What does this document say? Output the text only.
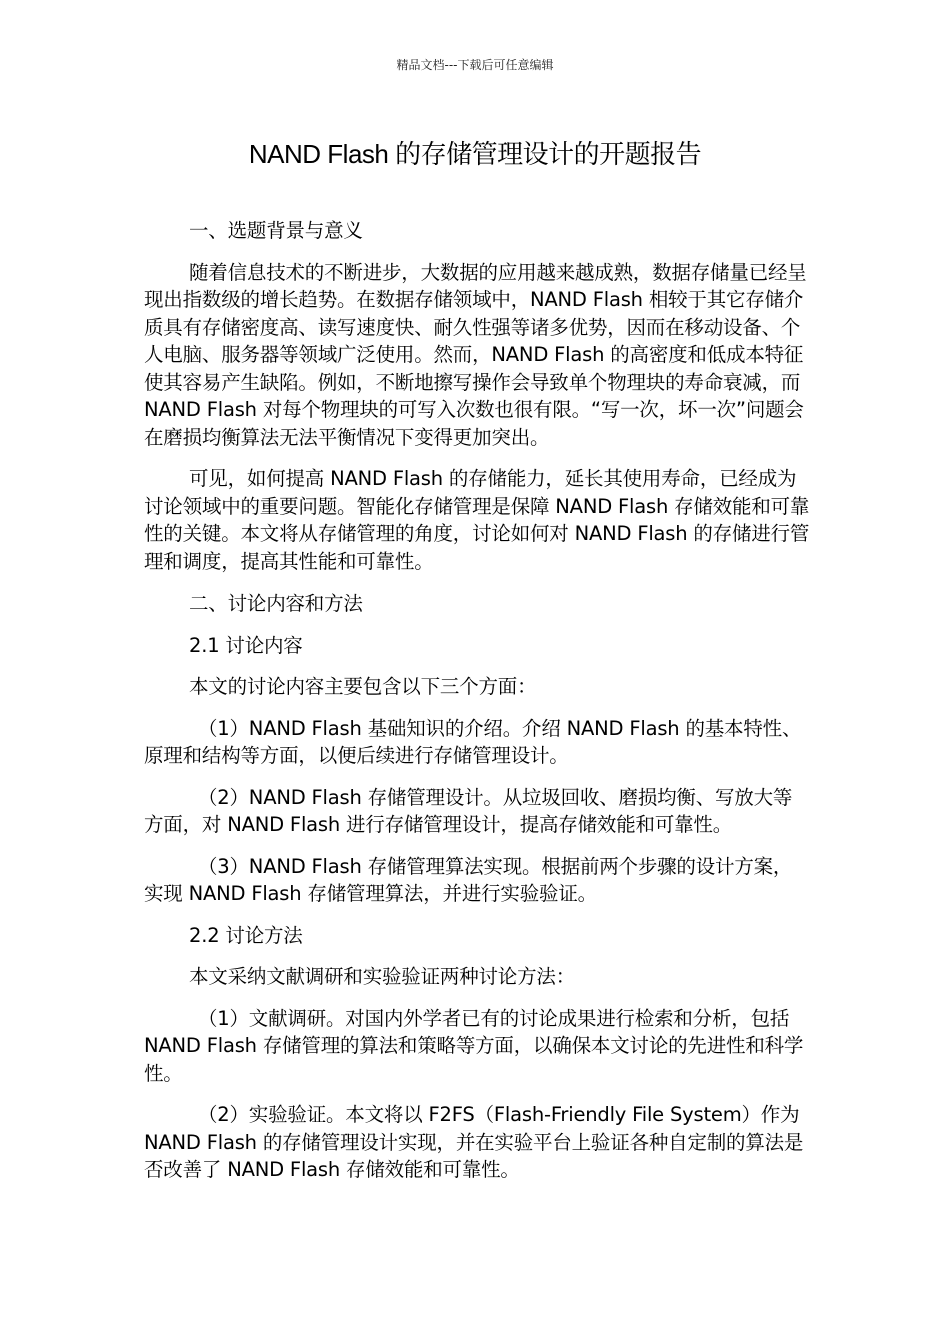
精品文档---下载后可任意编辑
NAND Flash 的存储管理设计的开题报告

一、选题背景与意义

随着信息技术的不断进步，大数据的应用越来越成熟，数据存储量已经呈现出指数级的增长趋势。在数据存储领域中，NAND Flash 相较于其它存储介质具有存储密度高、读写速度快、耐久性强等诸多优势，因而在移动设备、个人电脑、服务器等领域广泛使用。然而，NAND Flash 的高密度和低成本特征使其容易产生缺陷。例如，不断地擦写操作会导致单个物理块的寿命衰减，而 NAND Flash 对每个物理块的可写入次数也很有限。“写一次，坏一次”问题会在磨损均衡算法无法平衡情况下变得更加突出。

可见，如何提高 NAND Flash 的存储能力，延长其使用寿命，已经成为讨论领域中的重要问题。智能化存储管理是保障 NAND Flash 存储效能和可靠性的关键。本文将从存储管理的角度，讨论如何对 NAND Flash 的存储进行管理和调度，提高其性能和可靠性。

二、讨论内容和方法

2.1 讨论内容

本文的讨论内容主要包含以下三个方面：

（1）NAND Flash 基础知识的介绍。介绍 NAND Flash 的基本特性、原理和结构等方面，以便后续进行存储管理设计。

（2）NAND Flash 存储管理设计。从垃圾回收、磨损均衡、写放大等方面，对 NAND Flash 进行存储管理设计，提高存储效能和可靠性。

（3）NAND Flash 存储管理算法实现。根据前两个步骤的设计方案，实现 NAND Flash 存储管理算法，并进行实验验证。

2.2 讨论方法

本文采纳文献调研和实验验证两种讨论方法：

（1）文献调研。对国内外学者已有的讨论成果进行检索和分析，包括 NAND Flash 存储管理的算法和策略等方面，以确保本文讨论的先进性和科学性。

（2）实验验证。本文将以 F2FS（Flash-Friendly File System）作为 NAND Flash 的存储管理设计实现，并在实验平台上验证各种自定制的算法是否改善了 NAND Flash 存储效能和可靠性。
